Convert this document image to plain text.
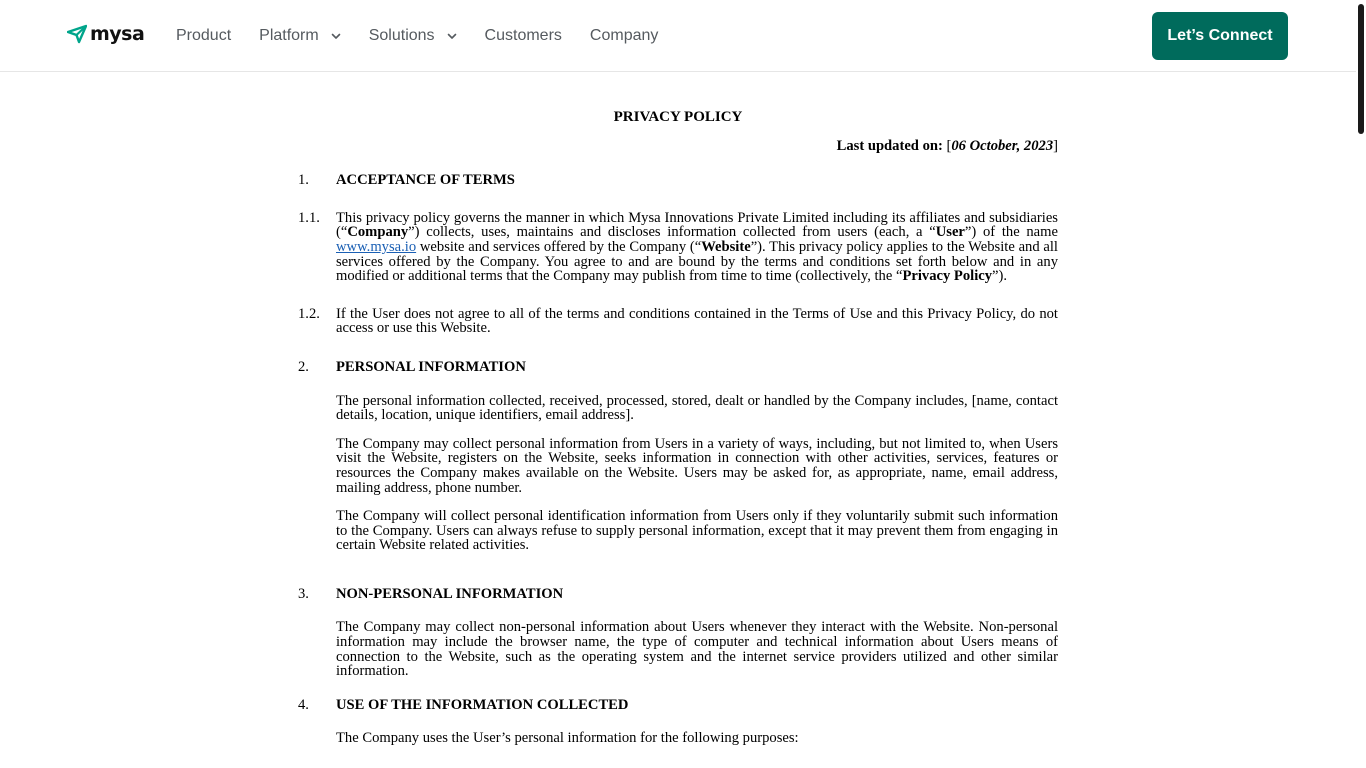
mysa Product Platform	Solutions	Customers Company	Let’s Connect
PRIVACY POLICY
Last updated on: [06 October, 2023]
1.	ACCEPTANCE OF TERMS
1.1.	This privacy policy governs the manner in which Mysa Innovations Private Limited including its affiliates and subsidiaries (“Company”) collects, uses, maintains and discloses information collected from users (each, a “User”) of the name www.mysa.io website and services offered by the Company (“Website”). This privacy policy applies to the Website and all services offered by the Company. You agree to and are bound by the terms and conditions set forth below and in any modified or additional terms that the Company may publish from time to time (collectively, the “Privacy Policy”).
1.2.	If the User does not agree to all of the terms and conditions contained in the Terms of Use and this Privacy Policy, do not access or use this Website.
2.	PERSONAL INFORMATION
The personal information collected, received, processed, stored, dealt or handled by the Company includes, [name, contact details, location, unique identifiers, email address].
The Company may collect personal information from Users in a variety of ways, including, but not limited to, when Users visit the Website, registers on the Website, seeks information in connection with other activities, services, features or resources the Company makes available on the Website. Users may be asked for, as appropriate, name, email address, mailing address, phone number.
The Company will collect personal identification information from Users only if they voluntarily submit such information to the Company. Users can always refuse to supply personal information, except that it may prevent them from engaging in certain Website related activities.
3.	NON-PERSONAL INFORMATION
The Company may collect non-personal information about Users whenever they interact with the Website. Non-personal information may include the browser name, the type of computer and technical information about Users means of connection to the Website, such as the operating system and the internet service providers utilized and other similar information.
4.	USE OF THE INFORMATION COLLECTED
The Company uses the User’s personal information for the following purposes:
